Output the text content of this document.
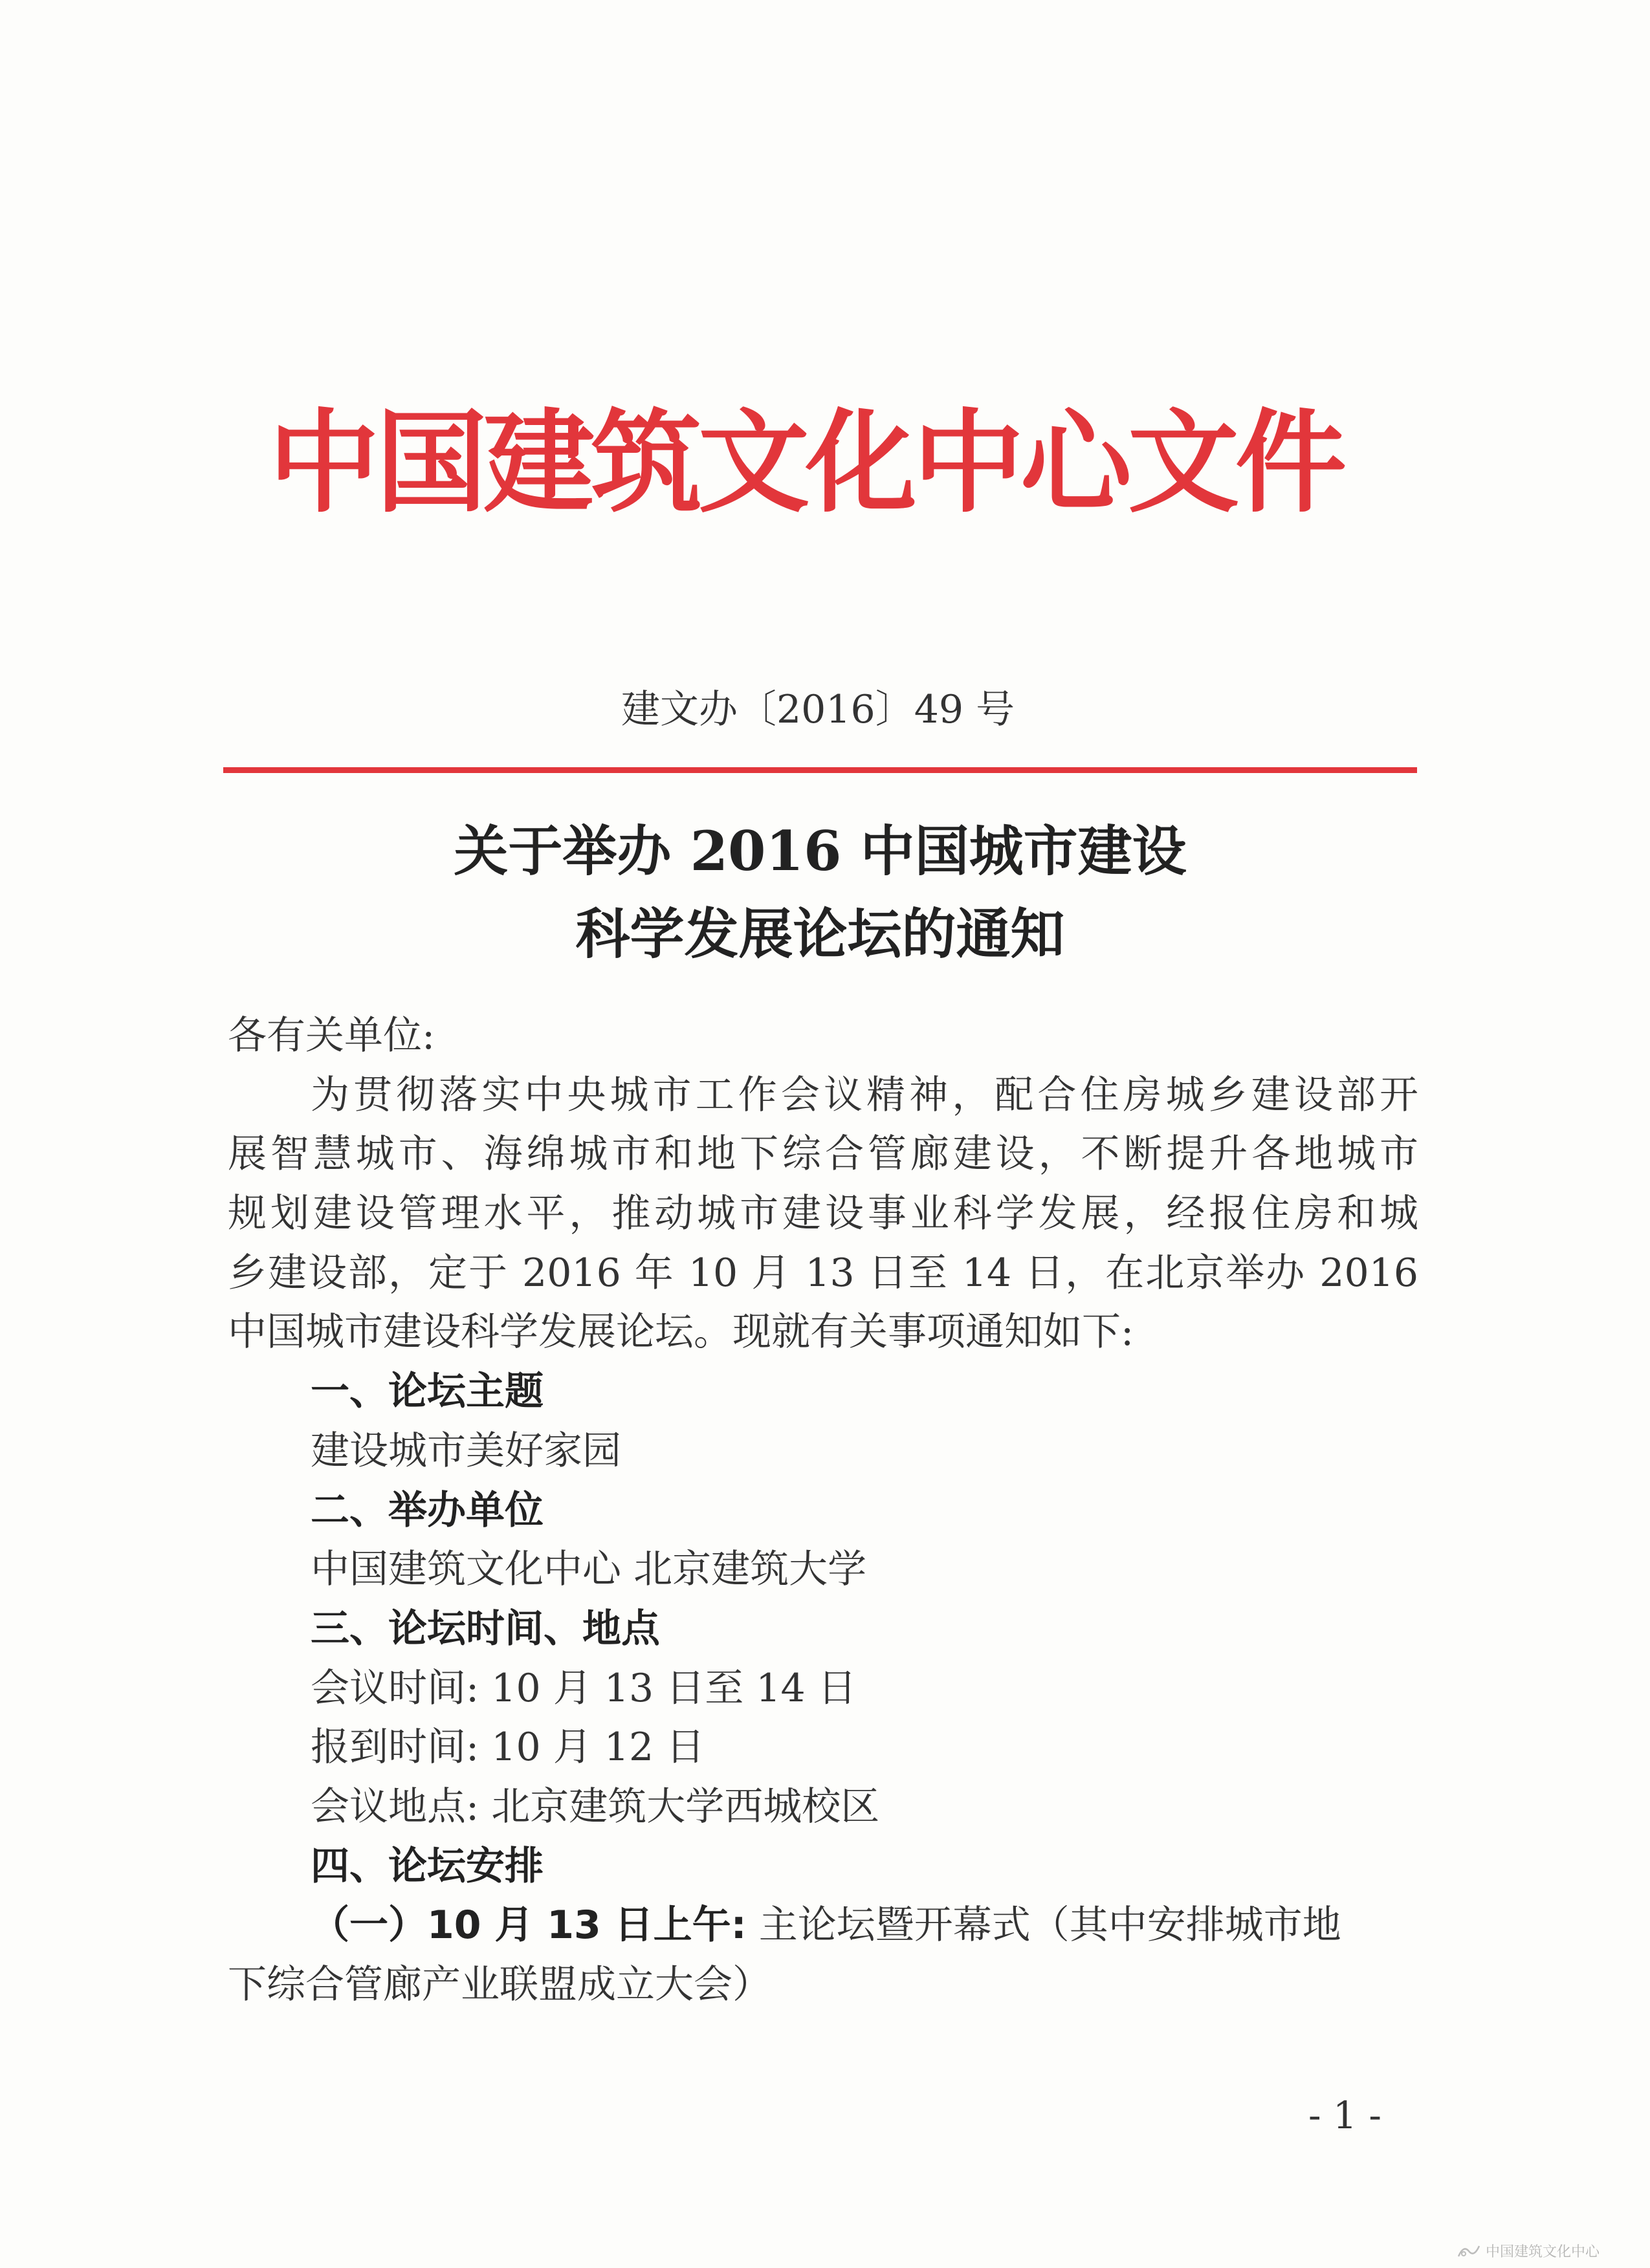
中国建筑文化中心文件
建文办〔2016〕49 号
关于举办 2016 中国城市建设
科学发展论坛的通知
各有关单位:
为贯彻落实中央城市工作会议精神，配合住房城乡建设部开
展智慧城市、海绵城市和地下综合管廊建设，不断提升各地城市
规划建设管理水平，推动城市建设事业科学发展，经报住房和城
乡建设部，定于 2016 年 10 月 13 日至 14 日，在北京举办 2016
中国城市建设科学发展论坛。现就有关事项通知如下:
一、论坛主题
建设城市美好家园
二、举办单位
中国建筑文化中心 北京建筑大学
三、论坛时间、地点
会议时间: 10 月 13 日至 14 日
报到时间: 10 月 12 日
会议地点: 北京建筑大学西城校区
四、论坛安排
（一）10 月 13 日上午: 主论坛暨开幕式（其中安排城市地
下综合管廊产业联盟成立大会）
- 1 -
中国建筑文化中心
